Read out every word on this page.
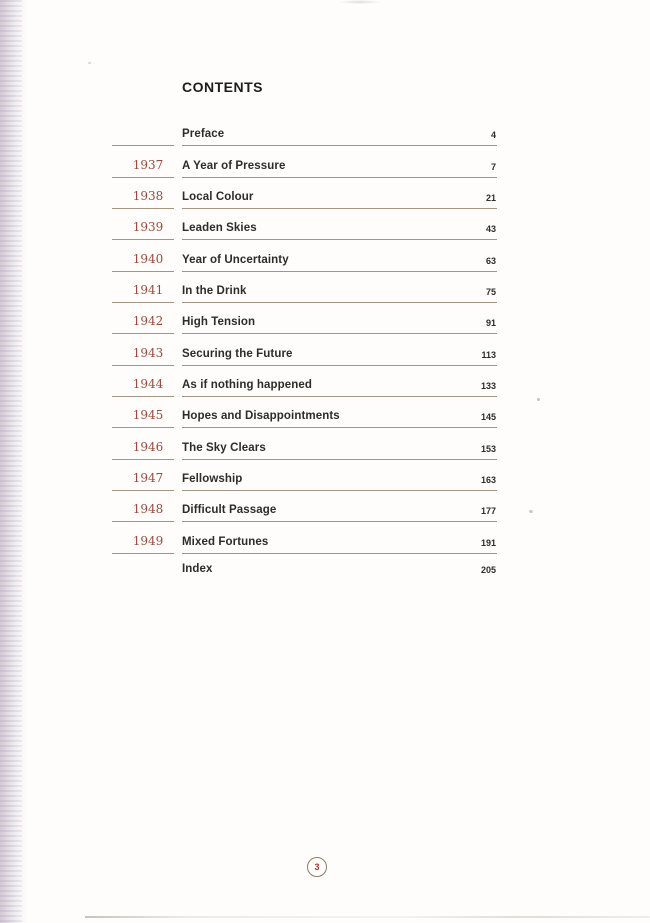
CONTENTS
Preface	4
1937 A Year of Pressure	7
1938 Local Colour	21
1939 Leaden Skies	43
1940 Year of Uncertainty	63
1941 In the Drink	75
1942 High Tension	91
1943 Securing the Future	113
1944 As if nothing happened	133
1945 Hopes and Disappointments	145
1946 The Sky Clears	153
1947 Fellowship	163
1948 Difficult Passage	177
1949 Mixed Fortunes	191
Index	205
3
